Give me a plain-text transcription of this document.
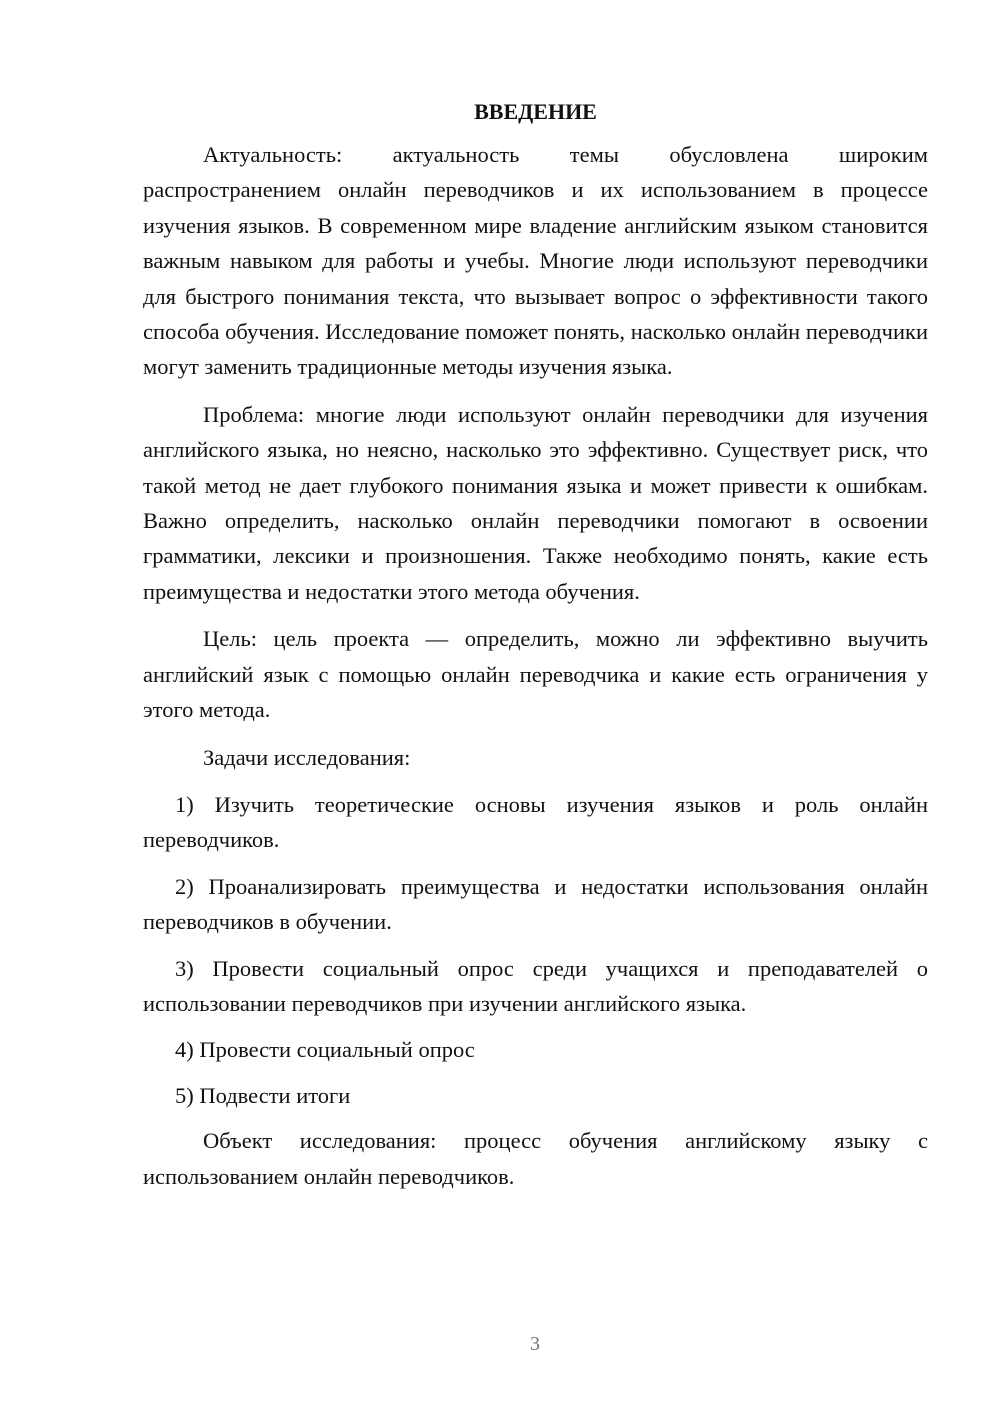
ВВЕДЕНИЕ

Актуальность: актуальность темы обусловлена широким распространением онлайн переводчиков и их использованием в процессе изучения языков. В современном мире владение английским языком становится важным навыком для работы и учебы. Многие люди используют переводчики для быстрого понимания текста, что вызывает вопрос о эффективности такого способа обучения. Исследование поможет понять, насколько онлайн переводчики могут заменить традиционные методы изучения языка.

Проблема: многие люди используют онлайн переводчики для изучения английского языка, но неясно, насколько это эффективно. Существует риск, что такой метод не дает глубокого понимания языка и может привести к ошибкам. Важно определить, насколько онлайн переводчики помогают в освоении грамматики, лексики и произношения. Также необходимо понять, какие есть преимущества и недостатки этого метода обучения.

Цель: цель проекта — определить, можно ли эффективно выучить английский язык с помощью онлайн переводчика и какие есть ограничения у этого метода.

Задачи исследования:

1) Изучить теоретические основы изучения языков и роль онлайн переводчиков.

2) Проанализировать преимущества и недостатки использования онлайн переводчиков в обучении.

3) Провести социальный опрос среди учащихся и преподавателей о использовании переводчиков при изучении английского языка.

4) Провести социальный опрос

5) Подвести итоги

Объект исследования: процесс обучения английскому языку с использованием онлайн переводчиков.

3
